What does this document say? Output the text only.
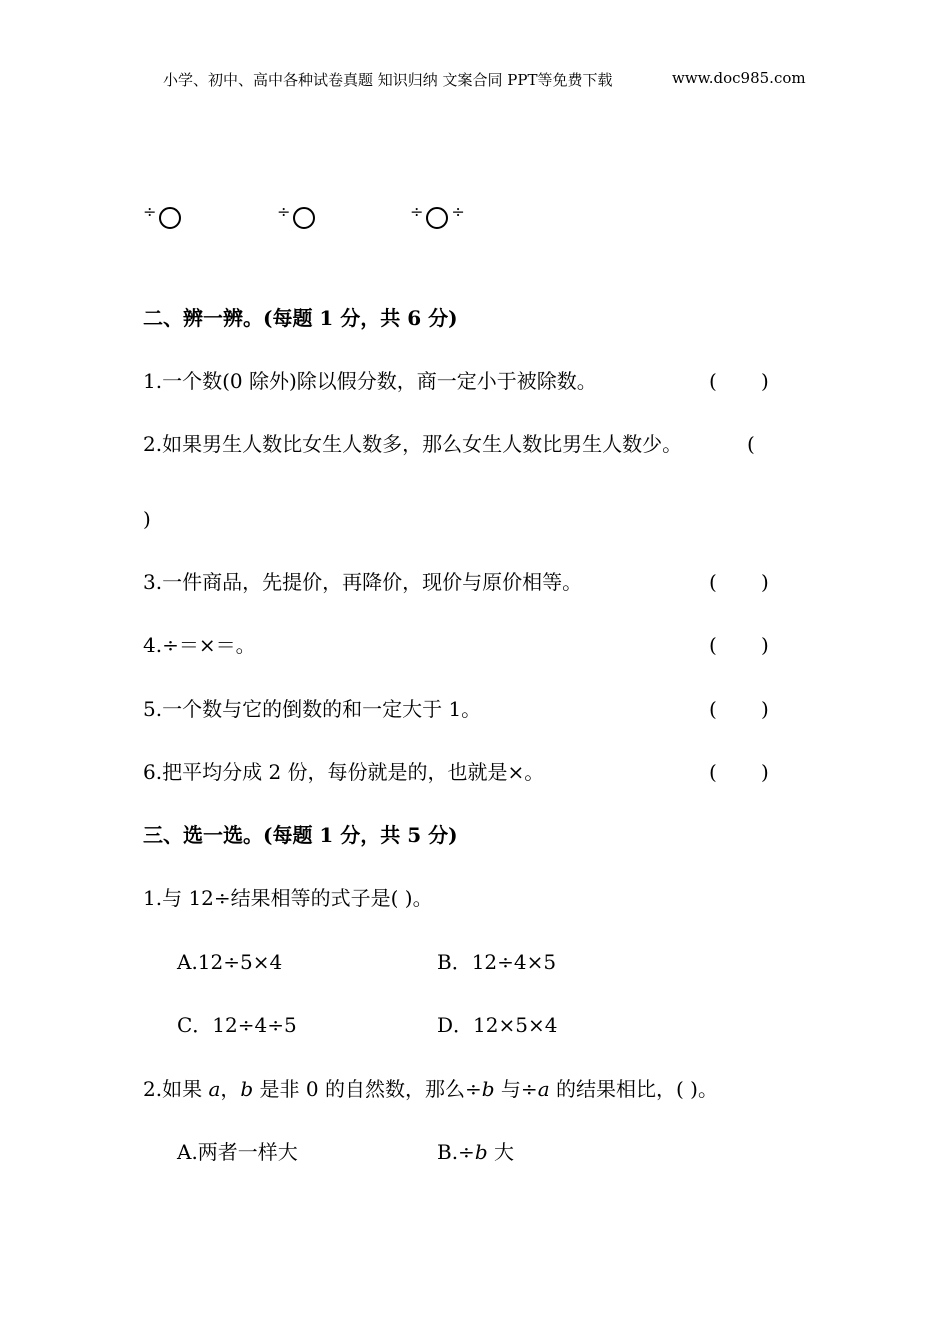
小学、初中、高中各种试卷真题 知识归纳 文案合同 PPT等免费下载	www.doc985.com
÷	÷	÷ ÷
二、辨一辨。(每题 1 分，共 6 分)
1.一个数(0 除外)除以假分数，商一定小于被除数。	( )
2.如果男生人数比女生人数多，那么女生人数比男生人数少。	(
)
3.一件商品，先提价，再降价，现价与原价相等。	( )
4.÷＝×＝。	( )
5.一个数与它的倒数的和一定大于 1。	( )
6.把平均分成 2 份，每份就是的，也就是×。	( )
三、选一选。(每题 1 分，共 5 分)
1.与 12÷结果相等的式子是( )。
A.12÷5×4	B．12÷4×5
C．12÷4÷5	D．12×5×4
2.如果 a，b 是非 0 的自然数，那么÷b 与÷a 的结果相比，( )。
A.两者一样大	B.÷b 大
